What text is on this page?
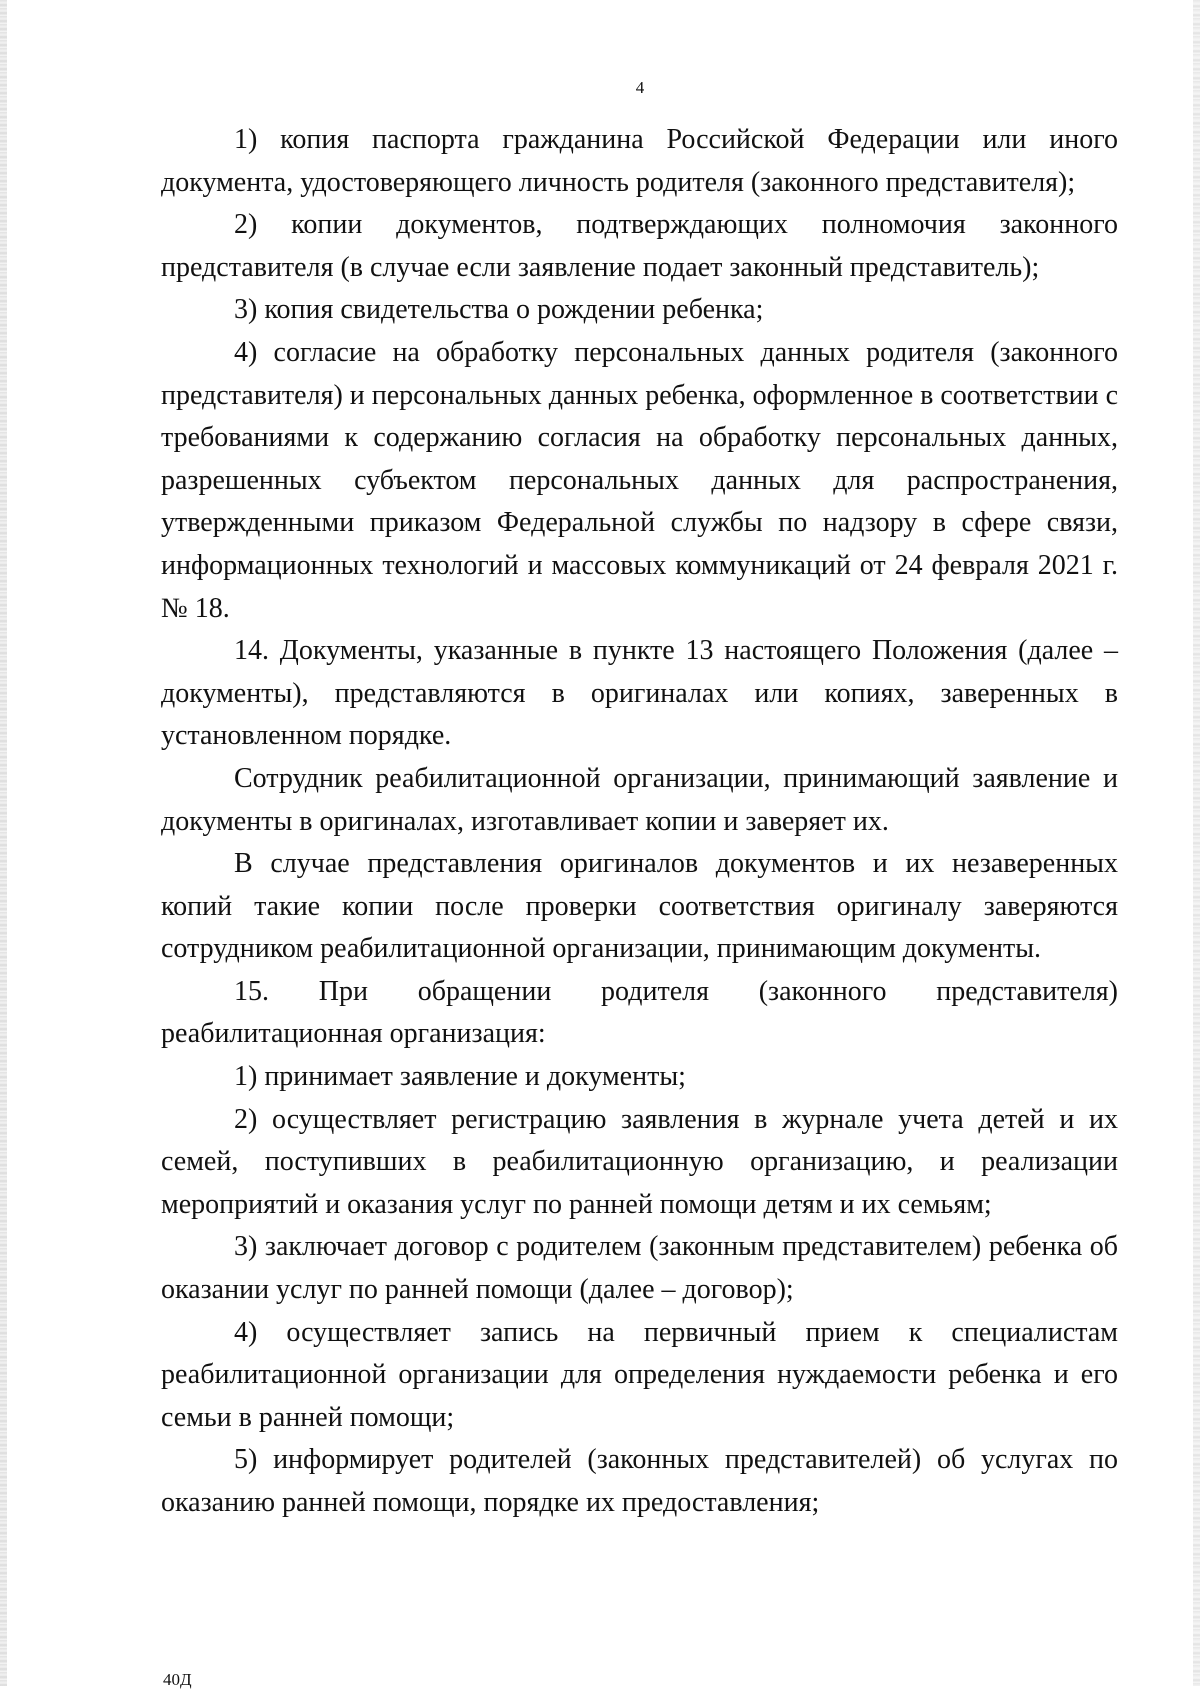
4

1) копия паспорта гражданина Российской Федерации или иного документа, удостоверяющего личность родителя (законного представителя);

2) копии документов, подтверждающих полномочия законного представителя (в случае если заявление подает законный представитель);

3) копия свидетельства о рождении ребенка;

4) согласие на обработку персональных данных родителя (законного представителя) и персональных данных ребенка, оформленное в соответствии с требованиями к содержанию согласия на обработку персональных данных, разрешенных субъектом персональных данных для распространения, утвержденными приказом Федеральной службы по надзору в сфере связи, информационных технологий и массовых коммуникаций от 24 февраля 2021 г. № 18.

14. Документы, указанные в пункте 13 настоящего Положения (далее – документы), представляются в оригиналах или копиях, заверенных в установленном порядке.

Сотрудник реабилитационной организации, принимающий заявление и документы в оригиналах, изготавливает копии и заверяет их.

В случае представления оригиналов документов и их незаверенных копий такие копии после проверки соответствия оригиналу заверяются сотрудником реабилитационной организации, принимающим документы.

15. При обращении родителя (законного представителя) реабилитационная организация:

1) принимает заявление и документы;

2) осуществляет регистрацию заявления в журнале учета детей и их семей, поступивших в реабилитационную организацию, и реализации мероприятий и оказания услуг по ранней помощи детям и их семьям;

3) заключает договор с родителем (законным представителем) ребенка об оказании услуг по ранней помощи (далее – договор);

4) осуществляет запись на первичный прием к специалистам реабилитационной организации для определения нуждаемости ребенка и его семьи в ранней помощи;

5) информирует родителей (законных представителей) об услугах по оказанию ранней помощи, порядке их предоставления;

40Д
